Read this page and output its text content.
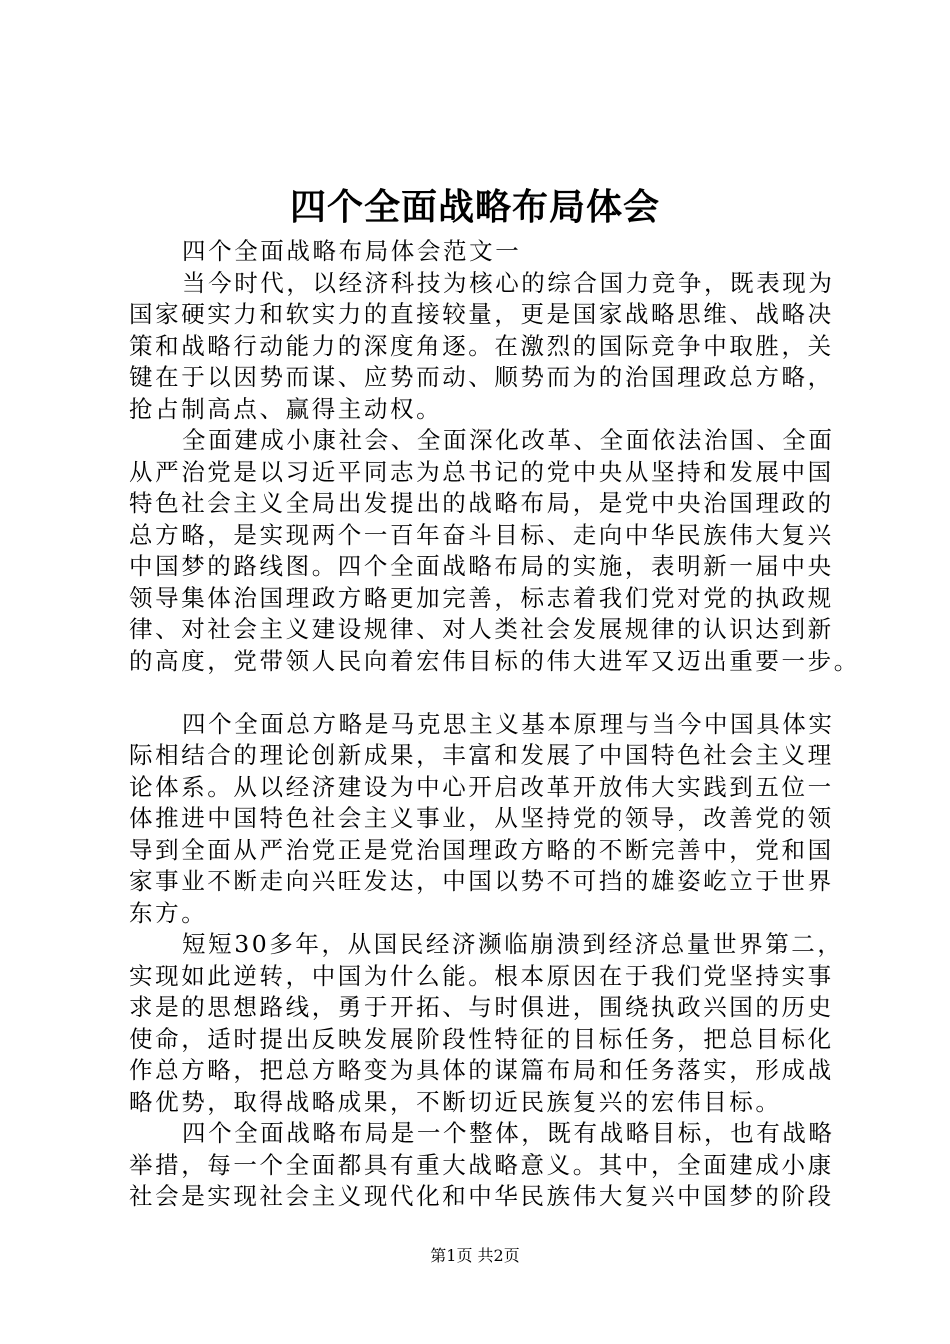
四个全面战略布局体会
四个全面战略布局体会范文一
当今时代，以经济科技为核心的综合国力竞争，既表现为
国家硬实力和软实力的直接较量，更是国家战略思维、战略决
策和战略行动能力的深度角逐。在激烈的国际竞争中取胜，关
键在于以因势而谋、应势而动、顺势而为的治国理政总方略，
抢占制高点、赢得主动权。
全面建成小康社会、全面深化改革、全面依法治国、全面
从严治党是以习近平同志为总书记的党中央从坚持和发展中国
特色社会主义全局出发提出的战略布局，是党中央治国理政的
总方略，是实现两个一百年奋斗目标、走向中华民族伟大复兴
中国梦的路线图。四个全面战略布局的实施，表明新一届中央
领导集体治国理政方略更加完善，标志着我们党对党的执政规
律、对社会主义建设规律、对人类社会发展规律的认识达到新
的高度，党带领人民向着宏伟目标的伟大进军又迈出重要一步。
四个全面总方略是马克思主义基本原理与当今中国具体实
际相结合的理论创新成果，丰富和发展了中国特色社会主义理
论体系。从以经济建设为中心开启改革开放伟大实践到五位一
体推进中国特色社会主义事业，从坚持党的领导，改善党的领
导到全面从严治党正是党治国理政方略的不断完善中，党和国
家事业不断走向兴旺发达，中国以势不可挡的雄姿屹立于世界
东方。
短短30多年，从国民经济濒临崩溃到经济总量世界第二，
实现如此逆转，中国为什么能。根本原因在于我们党坚持实事
求是的思想路线，勇于开拓、与时俱进，围绕执政兴国的历史
使命，适时提出反映发展阶段性特征的目标任务，把总目标化
作总方略，把总方略变为具体的谋篇布局和任务落实，形成战
略优势，取得战略成果，不断切近民族复兴的宏伟目标。
四个全面战略布局是一个整体，既有战略目标，也有战略
举措，每一个全面都具有重大战略意义。其中，全面建成小康
社会是实现社会主义现代化和中华民族伟大复兴中国梦的阶段
第1页 共2页
